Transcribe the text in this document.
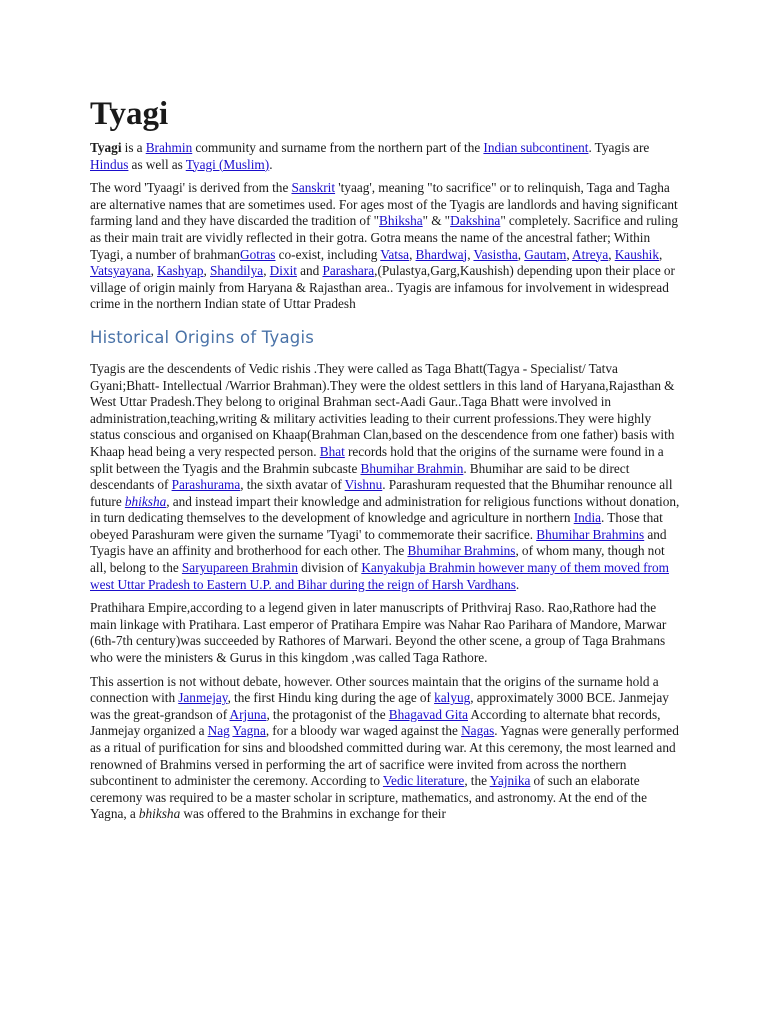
Tyagi

Tyagi is a Brahmin community and surname from the northern part of the Indian subcontinent. Tyagis are Hindus as well as Tyagi (Muslim).

The word 'Tyaagi' is derived from the Sanskrit 'tyaag', meaning "to sacrifice" or to relinquish, Taga and Tagha are alternative names that are sometimes used. For ages most of the Tyagis are landlords and having significant farming land and they have discarded the tradition of "Bhiksha" & "Dakshina" completely. Sacrifice and ruling as their main trait are vividly reflected in their gotra. Gotra means the name of the ancestral father; Within Tyagi, a number of brahmanGotras co-exist, including Vatsa, Bhardwaj, Vasistha, Gautam, Atreya, Kaushik, Vatsyayana, Kashyap, Shandilya, Dixit and Parashara,(Pulastya,Garg,Kaushish) depending upon their place or village of origin mainly from Haryana & Rajasthan area.. Tyagis are infamous for involvement in widespread crime in the northern Indian state of Uttar Pradesh

Historical Origins of Tyagis

Tyagis are the descendents of Vedic rishis .They were called as Taga Bhatt(Tagya - Specialist/ Tatva Gyani;Bhatt- Intellectual /Warrior Brahman).They were the oldest settlers in this land of Haryana,Rajasthan & West Uttar Pradesh.They belong to original Brahman sect-Aadi Gaur..Taga Bhatt were involved in administration,teaching,writing & military activities leading to their current professions.They were highly status conscious and organised on Khaap(Brahman Clan,based on the descendence from one father) basis with Khaap head being a very respected person. Bhat records hold that the origins of the surname were found in a split between the Tyagis and the Brahmin subcaste Bhumihar Brahmin. Bhumihar are said to be direct descendants of Parashurama, the sixth avatar of Vishnu. Parashuram requested that the Bhumihar renounce all future bhiksha, and instead impart their knowledge and administration for religious functions without donation, in turn dedicating themselves to the development of knowledge and agriculture in northern India. Those that obeyed Parashuram were given the surname 'Tyagi' to commemorate their sacrifice. Bhumihar Brahmins and Tyagis have an affinity and brotherhood for each other. The Bhumihar Brahmins, of whom many, though not all, belong to the Saryupareen Brahmin division of Kanyakubja Brahmin however many of them moved from west Uttar Pradesh to Eastern U.P. and Bihar during the reign of Harsh Vardhans.

Prathihara Empire,according to a legend given in later manuscripts of Prithviraj Raso. Rao,Rathore had the main linkage with Pratihara. Last emperor of Pratihara Empire was Nahar Rao Parihara of Mandore, Marwar (6th-7th century)was succeeded by Rathores of Marwari. Beyond the other scene, a group of Taga Brahmans who were the ministers & Gurus in this kingdom ,was called Taga Rathore.

This assertion is not without debate, however. Other sources maintain that the origins of the surname hold a connection with Janmejay, the first Hindu king during the age of kalyug, approximately 3000 BCE. Janmejay was the great-grandson of Arjuna, the protagonist of the Bhagavad Gita According to alternate bhat records, Janmejay organized a Nag Yagna, for a bloody war waged against the Nagas. Yagnas were generally performed as a ritual of purification for sins and bloodshed committed during war. At this ceremony, the most learned and renowned of Brahmins versed in performing the art of sacrifice were invited from across the northern subcontinent to administer the ceremony. According to Vedic literature, the Yajnika of such an elaborate ceremony was required to be a master scholar in scripture, mathematics, and astronomy. At the end of the Yagna, a bhiksha was offered to the Brahmins in exchange for their
